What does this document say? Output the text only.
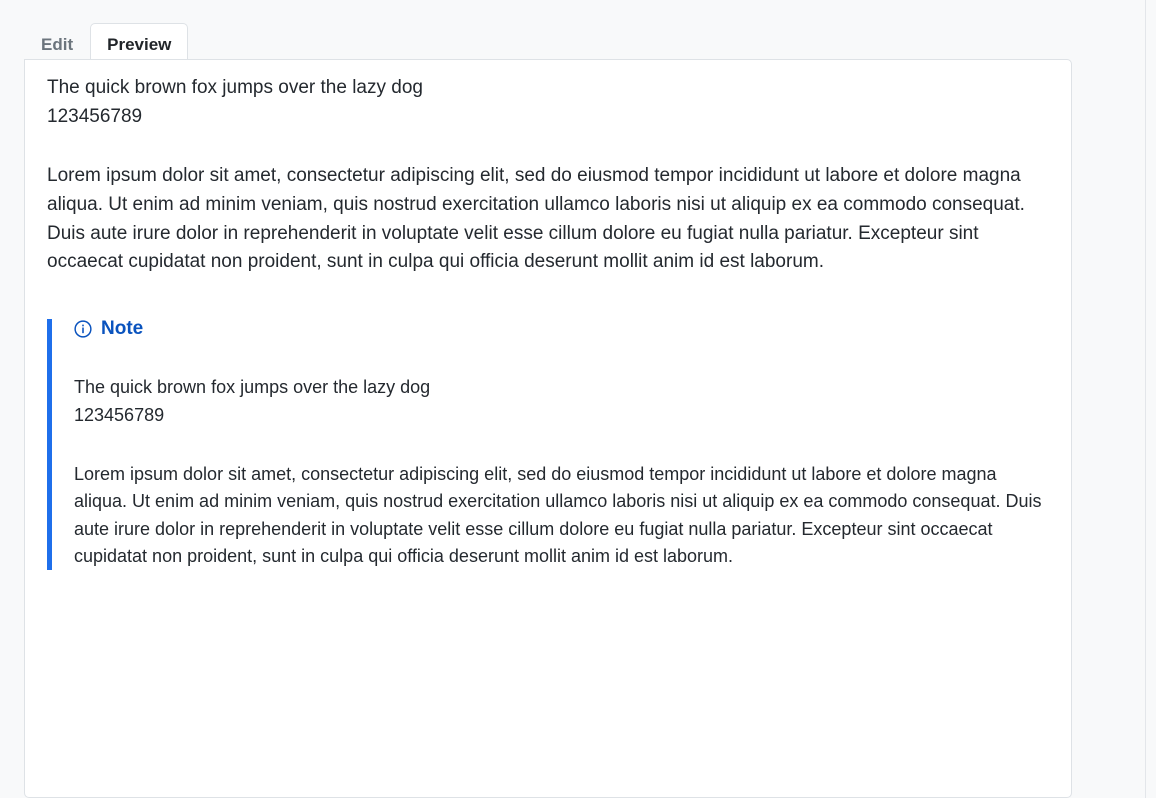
Edit	Preview

The quick brown fox jumps over the lazy dog

123456789

Lorem ipsum dolor sit amet, consectetur adipiscing elit, sed do eiusmod tempor incididunt ut labore et dolore magna aliqua. Ut enim ad minim veniam, quis nostrud exercitation ullamco laboris nisi ut aliquip ex ea commodo consequat. Duis aute irure dolor in reprehenderit in voluptate velit esse cillum dolore eu fugiat nulla pariatur. Excepteur sint occaecat cupidatat non proident, sunt in culpa qui officia deserunt mollit anim id est laborum.

Note

The quick brown fox jumps over the lazy dog
123456789

Lorem ipsum dolor sit amet, consectetur adipiscing elit, sed do eiusmod tempor incididunt ut labore et dolore magna aliqua. Ut enim ad minim veniam, quis nostrud exercitation ullamco laboris nisi ut aliquip ex ea commodo consequat. Duis aute irure dolor in reprehenderit in voluptate velit esse cillum dolore eu fugiat nulla pariatur. Excepteur sint occaecat cupidatat non proident, sunt in culpa qui officia deserunt mollit anim id est laborum.
